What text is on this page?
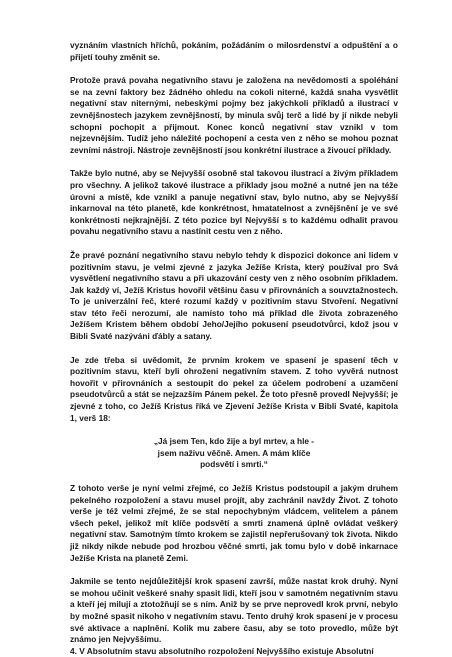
vyznáním vlastních hříchů, pokáním, požádáním o milosrdenství a odpuštění a o přijetí touhy změnit se.

Protože pravá povaha negativního stavu je založena na nevědomosti a spoléhání se na zevní faktory bez žádného ohledu na cokoli niterné, každá snaha vysvětlit negativní stav niternými, nebeskými pojmy bez jakýchkoli příkladů a ilustrací v zevnějšnostech jazykem zevnějšností, by minula svůj terč a lidé by jí nikde nebyli schopni pochopit a přijmout. Konec konců negativní stav vznikl v tom nejzevnějším. Tudíž jeho náležité pochopení a cesta ven z něho se mohou poznat zevními nástroji. Nástroje zevnějšností jsou konkrétní ilustrace a živoucí příklady.

Takže bylo nutné, aby se Nejvyšší osobně stal takovou ilustrací a živým příkladem pro všechny. A jelikož takové ilustrace a příklady jsou možné a nutné jen na téže úrovni a místě, kde vznikl a panuje negativní stav, bylo nutno, aby se Nejvyšší inkarnoval na této planetě, kde konkrétnost, hmatatelnost a zvnějšnění je ve své konkrétnosti nejkrajnější. Z této pozice byl Nejvyšší s to každému odhalit pravou povahu negativního stavu a nastínit cestu ven z něho.

Že pravé poznání negativního stavu nebylo tehdy k dispozici dokonce ani lidem v pozitivním stavu, je velmi zjevné z jazyka Ježíše Krista, který používal pro Svá vysvětlení negativního stavu a při ukazování cesty ven z něho osobním příkladem. Jak každý ví, Ježíš Kristus hovořil většinu času v přirovnáních a souvztažnostech. To je univerzální řeč, které rozumí každý v pozitivním stavu Stvoření. Negativní stav této řeči nerozumí, ale namísto toho má příklad dle života zobrazeného Ježíšem Kristem během období Jeho/Jejího pokusení pseudotvůrci, kdož jsou v Bibli Svaté nazýváni ďábly a satany.

Je zde třeba si uvědomit, že prvním krokem ve spasení je spasení těch v pozitivním stavu, kteří byli ohroženi negativním stavem. Z toho vyvěrá nutnost hovořit v přirovnáních a sestoupit do pekel za účelem podrobení a uzamčení pseudotvůrců a stát se nejzazším Pánem pekel. Že toto přesně provedl Nejvyšší; je zjevné z toho, co Ježíš Kristus říká ve Zjevení Ježíše Krista v Bibli Svaté, kapitola 1, verš 18:

„Já jsem Ten, kdo žije a byl mrtev, a hle -
jsem naživu věčně. Amen. A mám klíče
podsvětí i smrti.“

Z tohoto verše je nyní velmi zřejmé, co Ježíš Kristus podstoupil a jakým druhem pekelného rozpoložení a stavu musel projít, aby zachránil navždy Život. Z tohoto verše je též velmi zřejmé, že se stal nepochybným vládcem, velitelem a pánem všech pekel, jelikož mít klíče podsvětí a smrti znamená úplně ovládat veškerý negativní stav. Samotným tímto krokem se zajistil nepřerušovaný tok života. Nikdo již nikdy nikde nebude pod hrozbou věčné smrti, jak tomu bylo v době inkarnace Ježíše Krista na planetě Zemi.

Jakmile se tento nejdůležitější krok spasení završí, může nastat krok druhý. Nyní se mohou učinit veškeré snahy spasit lidi, kteří jsou v samotném negativním stavu a kteří jej milují a ztotožňují se s ním. Aniž by se prve neprovedl krok první, nebylo by možné spasit nikoho v negativním stavu. Tento druhý krok spasení je v procesu své aktivace a naplnění. Kolik mu zabere času, aby se toto provedlo, může být známo jen Nejvyššímu.

4. V Absolutním stavu absolutního rozpoložení Nejvyššího existuje Absolutní
